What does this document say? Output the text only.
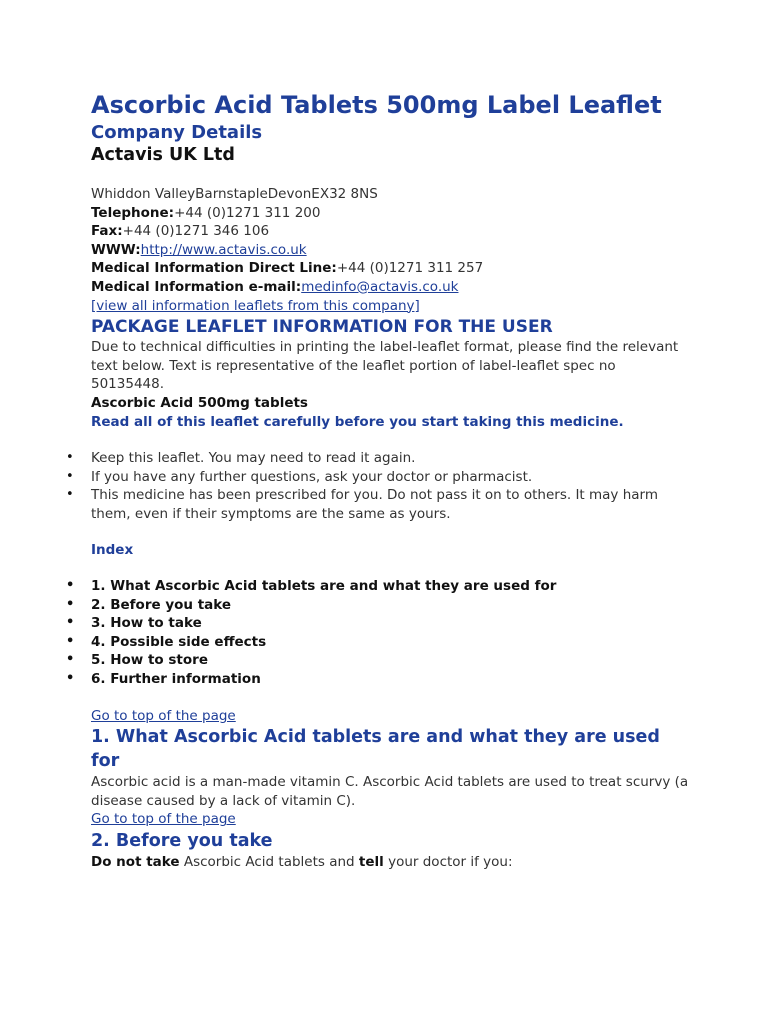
Ascorbic Acid Tablets 500mg Label Leaflet
Company Details

Actavis UK Ltd

Whiddon ValleyBarnstapleDevonEX32 8NS

Telephone:+44 (0)1271 311 200

Fax:+44 (0)1271 346 106

WWW:http://www.actavis.co.uk

Medical Information Direct Line:+44 (0)1271 311 257

Medical Information e-mail:medinfo@actavis.co.uk

[view all information leaflets from this company]

PACKAGE LEAFLET INFORMATION FOR THE USER

Due to technical difficulties in printing the label-leaflet format, please find the relevant text below. Text is representative of the leaflet portion of label-leaflet spec no 50135448.

Ascorbic Acid 500mg tablets

Read all of this leaflet carefully before you start taking this medicine.

• Keep this leaflet. You may need to read it again.
• If you have any further questions, ask your doctor or pharmacist.
• This medicine has been prescribed for you. Do not pass it on to others. It may harm them, even if their symptoms are the same as yours.

Index

• 1. What Ascorbic Acid tablets are and what they are used for
• 2. Before you take
• 3. How to take
• 4. Possible side effects
• 5. How to store
• 6. Further information

Go to top of the page

1. What Ascorbic Acid tablets are and what they are used for

Ascorbic acid is a man-made vitamin C. Ascorbic Acid tablets are used to treat scurvy (a disease caused by a lack of vitamin C).

Go to top of the page

2. Before you take

Do not take Ascorbic Acid tablets and tell your doctor if you:
